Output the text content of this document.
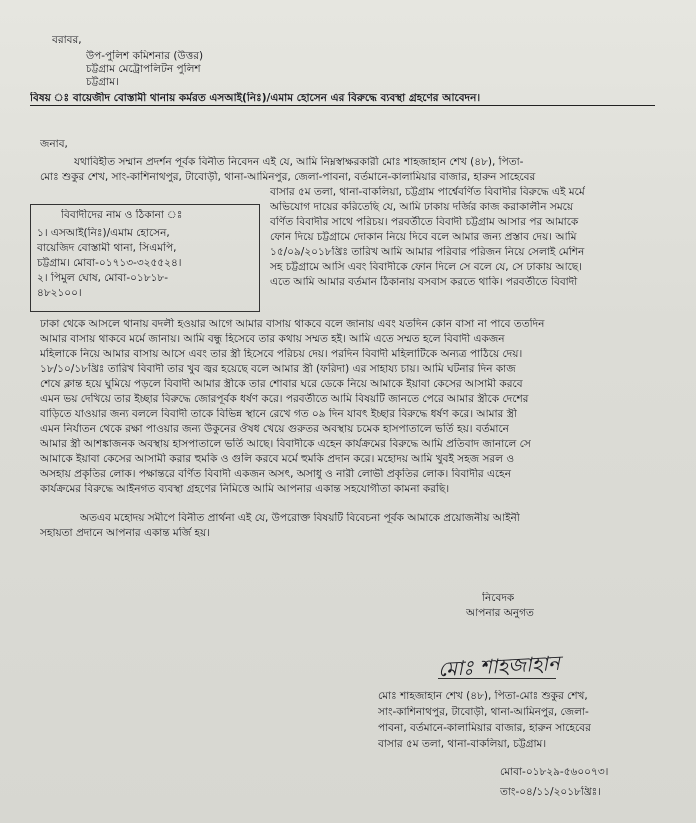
বরাবর,
উপ-পুলিশ কমিশনার (উত্তর)
চট্টগ্রাম মেট্রোপলিটন পুলিশ
চট্টগ্রাম।
বিষয় ঃ বায়েজীদ বোস্তামী থানায় কর্মরত এসআই(নিঃ)/এমাম হোসেন এর বিরুদ্ধে ব্যবস্থা গ্রহণের আবেদন।
জনাব,
যথাবিহীত সম্মান প্রদর্শন পূর্বক বিনীত নিবেদন এই যে, আমি নিম্নস্বাক্ষরকারী মোঃ শাহজাহান শেখ (৪৮), পিতা-
মোঃ শুকুর শেখ, সাং-কাশিনাথপুর, টাবোড়ী, থানা-আমিনপুর, জেলা-পাবনা, বর্তমানে-কালামিয়ার বাজার, হারুন সাহেবের
বাসার ৫ম তলা, থানা-বাকলিয়া, চট্টগ্রাম পার্শ্বেবর্ণিত বিবাদীর বিরুদ্ধে এই মর্মে
অভিযোগ দায়ের করিতেছি যে, আমি ঢাকায় দর্জির কাজ করাকালীন সময়ে
বর্ণিত বিবাদীর সাথে পরিচয়। পরবর্তীতে বিবাদী চট্টগ্রাম আসার পর আমাকে
ফোন দিয়ে চট্টগ্রামে দোকান নিয়ে দিবে বলে আমার জন্য প্রস্তাব দেয়। আমি
১৫/০৯/২০১৮খ্রিঃ তারিখ আমি আমার পরিবার পরিজন নিয়ে সেলাই মেশিন
সহ চট্টগ্রামে আসি এবং বিবাদীকে ফোন দিলে সে বলে যে, সে ঢাকায় আছে।
এতে আমি আমার বর্তমান ঠিকানায় বসবাস করতে থাকি। পরবর্তীতে বিবাদী
বিবাদীদের নাম ও ঠিকানা ঃ
১। এসআই(নিঃ)/এমাম হোসেন,
বায়েজিদ বোস্তামী থানা, সিএমপি,
চট্টগ্রাম। মোবা-০১৭১৩-৩২৫৫২৪।
২। পিমুল ঘোষ, মোবা-০১৮১৮-
৪৮২১০০।
ঢাকা থেকে আসলে থানায় বদলী হওয়ার আগে আমার বাসায় থাকবে বলে জানায় এবং যতদিন কোন বাসা না পাবে ততদিন
আমার বাসায় থাকবে মর্মে জানায়। আমি বন্ধু হিসেবে তার কথায় সম্মত হই। আমি এতে সম্মত হলে বিবাদী একজন
মহিলাকে নিয়ে আমার বাসায় আসে এবং তার স্ত্রী হিসেবে পরিচয় দেয়। পরদিন বিবাদী মহিলাটিকে অন্যত্র পাঠিয়ে দেয়।
১৮/১০/১৮খ্রিঃ তারিখ বিবাদী তার খুব জ্বর হয়েছে বলে আমার স্ত্রী (ফরিদা) এর সাহায্য চায়। আমি ঘটনার দিন কাজ
শেষে ক্লান্ত হয়ে ঘুমিয়ে পড়লে বিবাদী আমার স্ত্রীকে তার শোবার ঘরে ডেকে নিয়ে আমাকে ইয়াবা কেসের আসামী করবে
এমন ভয় দেখিয়ে তার ইচ্ছার বিরুদ্ধে জোরপূর্বক ধর্ষণ করে। পরবর্তীতে আমি বিষয়টি জানতে পেরে আমার স্ত্রীকে দেশের
বাড়িতে যাওয়ার জন্য বললে বিবাদী তাকে বিভিন্ন স্থানে রেখে গত ০৯ দিন যাবৎ ইচ্ছার বিরুদ্ধে ধর্ষণ করে। আমার স্ত্রী
এমন নির্যাতন থেকে রক্ষা পাওয়ার জন্য উকুনের ঔষধ খেয়ে গুরুতর অবস্থায় চমেক হাসপাতালে ভর্তি হয়। বর্তমানে
আমার স্ত্রী আশঙ্কাজনক অবস্থায় হাসপাতালে ভর্তি আছে। বিবাদীকে এহেন কার্যক্রমের বিরুদ্ধে আমি প্রতিবাদ জানালে সে
আমাকে ইয়াবা কেসের আসামী করার হুমকি ও গুলি করবে মর্মে হুমকি প্রদান করে। মহোদয় আমি খুবই সহজ সরল ও
অসহায় প্রকৃতির লোক। পক্ষান্তরে বর্ণিত বিবাদী একজন অসৎ, অসাধু ও নারী লোভী প্রকৃতির লোক। বিবাদীর এহেন
কার্যক্রমের বিরুদ্ধে আইনগত ব্যবস্থা গ্রহণের নিমিত্তে আমি আপনার একান্ত সহযোগীতা কামনা করছি।
অতএব মহোদয় সমীপে বিনীত প্রার্থনা এই যে, উপরোক্ত বিষয়টি বিবেচনা পূর্বক আমাকে প্রয়োজনীয় আইনী
সহায়তা প্রদানে আপনার একান্ত মর্জি হয়।
নিবেদক
আপনার অনুগত
মোঃ শাহজাহান
মোঃ শাহজাহান শেখ (৪৮), পিতা-মোঃ শুকুর শেখ,
সাং-কাশিনাথপুর, টাবোড়ী, থানা-আমিনপুর, জেলা-
পাবনা, বর্তমানে-কালামিয়ার বাজার, হারুন সাহেবের
বাসার ৫ম তলা, থানা-বাকলিয়া, চট্টগ্রাম।
মোবা-০১৮২৯-৫৬০০৭৩।
তাং-০৪/১১/২০১৮খ্রিঃ।
